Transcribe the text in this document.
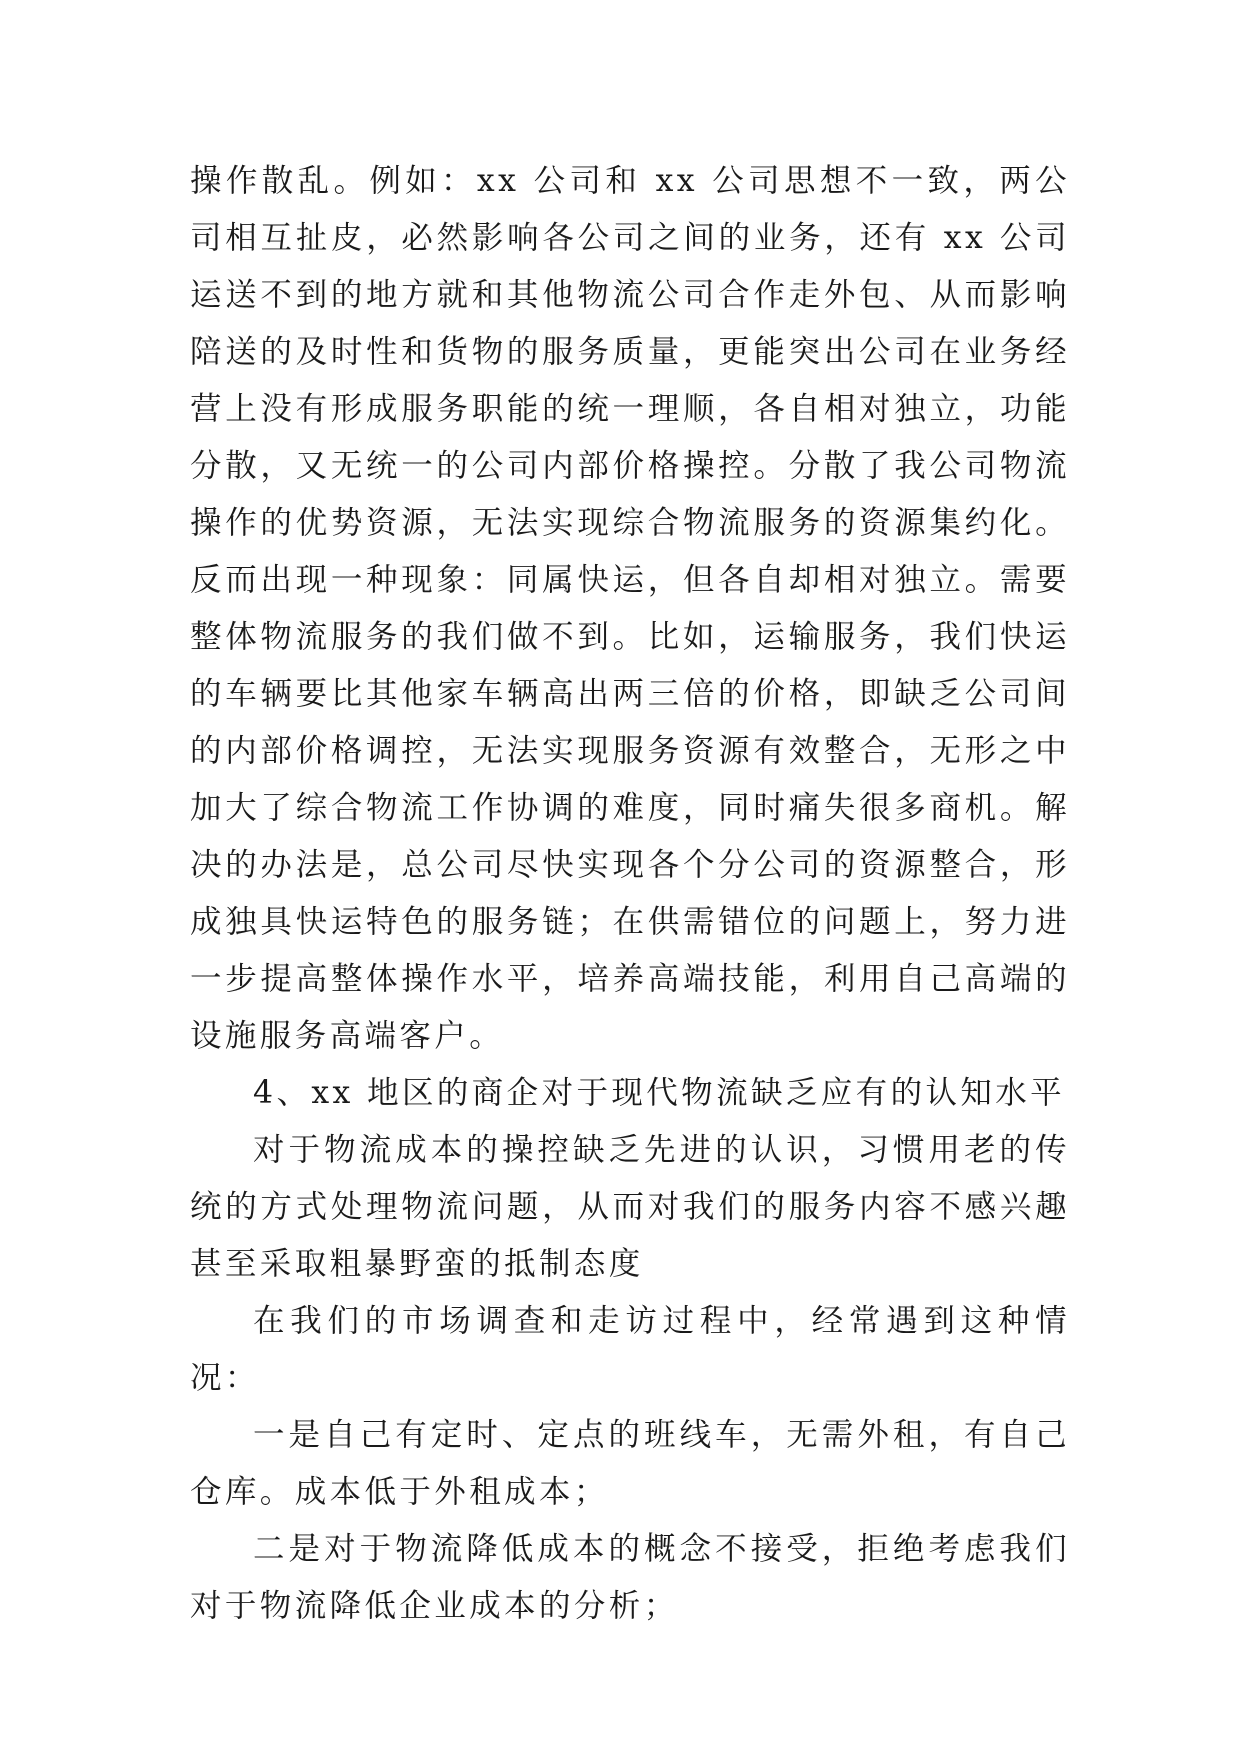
操作散乱。例如：xx 公司和 xx 公司思想不一致，两公司相互扯皮，必然影响各公司之间的业务，还有 xx 公司运送不到的地方就和其他物流公司合作走外包、从而影响陪送的及时性和货物的服务质量，更能突出公司在业务经营上没有形成服务职能的统一理顺，各自相对独立，功能分散，又无统一的公司内部价格操控。分散了我公司物流操作的优势资源，无法实现综合物流服务的资源集约化。反而出现一种现象：同属快运，但各自却相对独立。需要整体物流服务的我们做不到。比如，运输服务，我们快运的车辆要比其他家车辆高出两三倍的价格，即缺乏公司间的内部价格调控，无法实现服务资源有效整合，无形之中加大了综合物流工作协调的难度，同时痛失很多商机。解决的办法是，总公司尽快实现各个分公司的资源整合，形成独具快运特色的服务链；在供需错位的问题上，努力进一步提高整体操作水平，培养高端技能，利用自己高端的设施服务高端客户。

4、xx 地区的商企对于现代物流缺乏应有的认知水平

对于物流成本的操控缺乏先进的认识，习惯用老的传统的方式处理物流问题，从而对我们的服务内容不感兴趣甚至采取粗暴野蛮的抵制态度

在我们的市场调查和走访过程中，经常遇到这种情况：

一是自己有定时、定点的班线车，无需外租，有自己仓库。成本低于外租成本；

二是对于物流降低成本的概念不接受，拒绝考虑我们对于物流降低企业成本的分析；
